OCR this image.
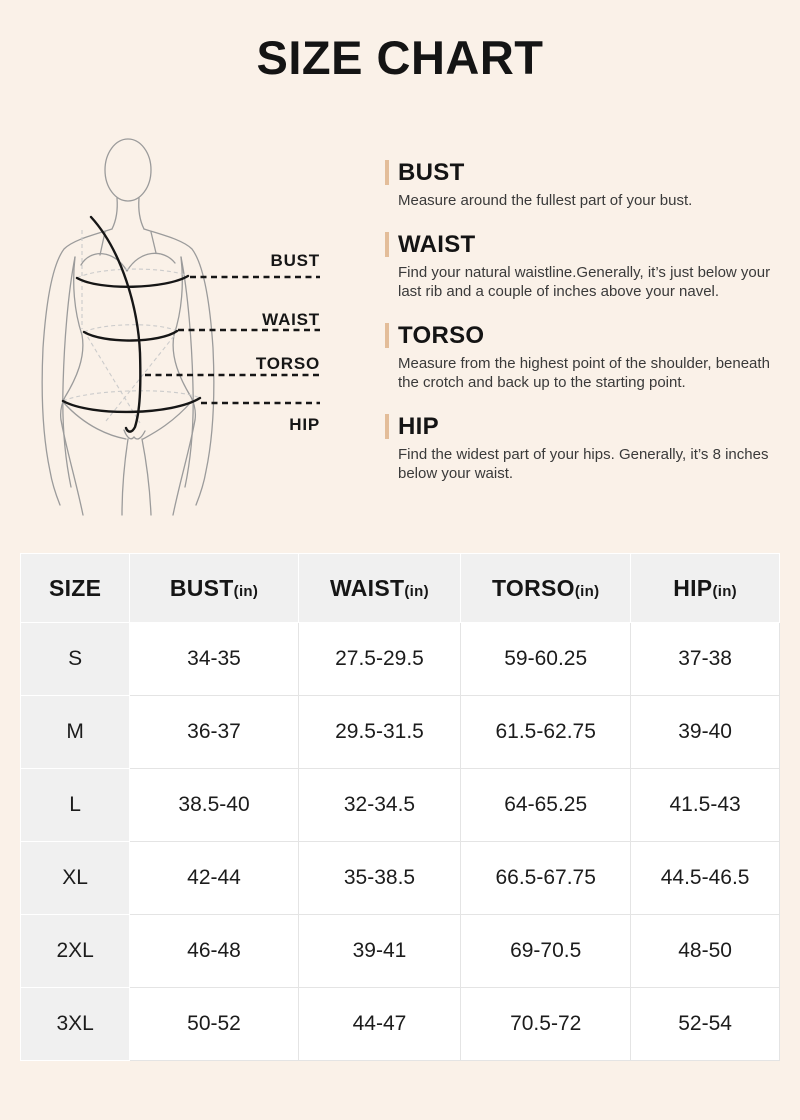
SIZE CHART
BUST
WAIST
TORSO
HIP
BUST
Measure around the fullest part of your bust.
WAIST
Find your natural waistline.Generally, it’s just below your last rib and a couple of inches above your navel.
TORSO
Measure from the highest point of the shoulder, beneath the crotch and back up to the starting point.
HIP
Find the widest part of your hips. Generally, it’s 8 inches below your waist.
SIZE	BUST(in)	WAIST(in)	TORSO(in)	HIP(in)
S	34-35	27.5-29.5	59-60.25	37-38
M	36-37	29.5-31.5	61.5-62.75	39-40
L	38.5-40	32-34.5	64-65.25	41.5-43
XL	42-44	35-38.5	66.5-67.75	44.5-46.5
2XL	46-48	39-41	69-70.5	48-50
3XL	50-52	44-47	70.5-72	52-54
